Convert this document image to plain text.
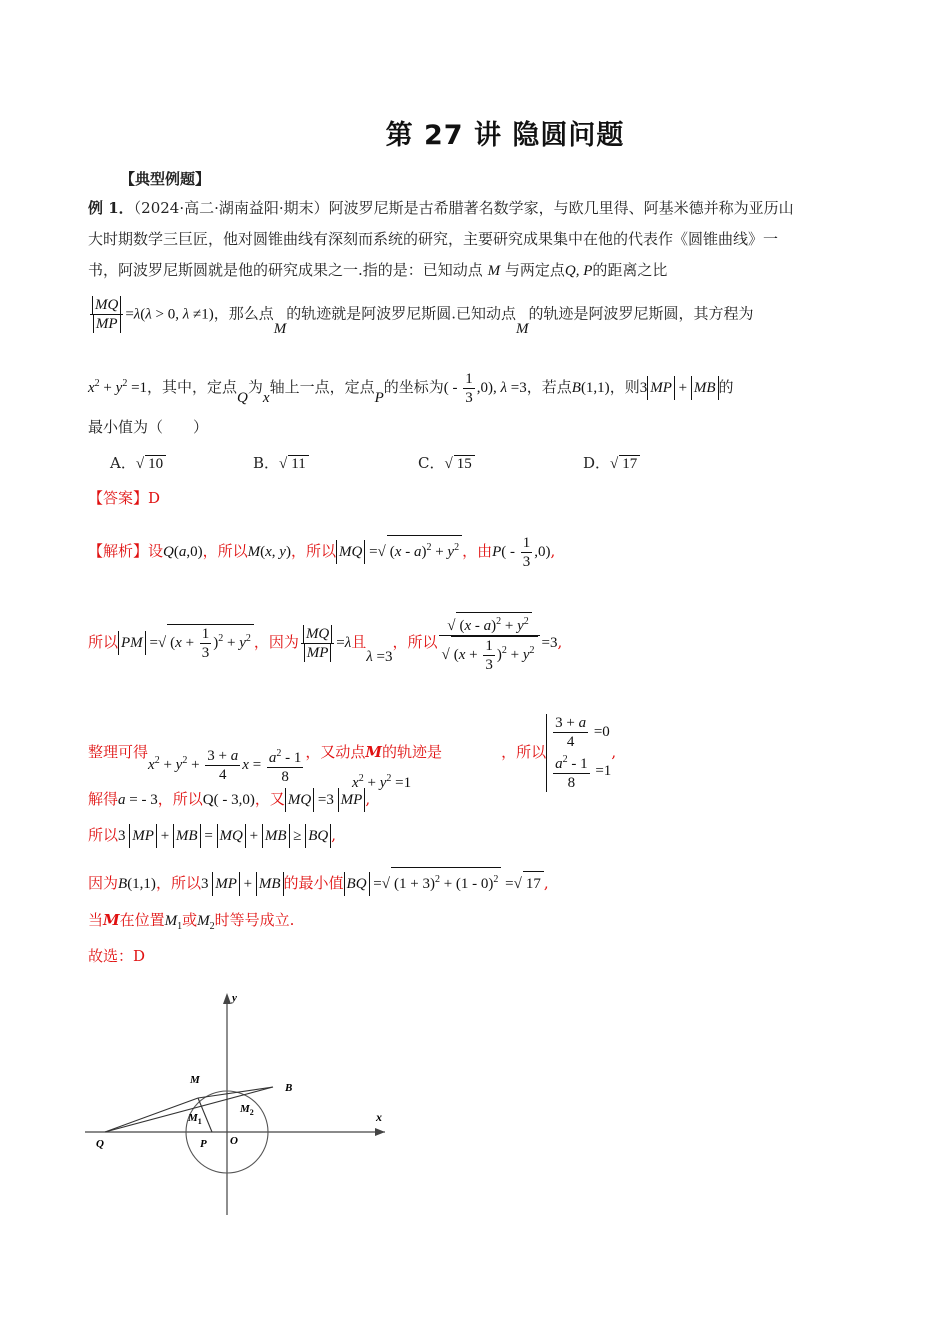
第 27 讲 隐圆问题
【典型例题】
例 1．（2024·高二·湖南益阳·期末）阿波罗尼斯是古希腊著名数学家，与欧几里得、阿基米德并称为亚历山
大时期数学三巨匠，他对圆锥曲线有深刻而系统的研究，主要研究成果集中在他的代表作《圆锥曲线》一
书，阿波罗尼斯圆就是他的研究成果之一.指的是：已知动点 M 与两定点Q, P的距离之比
$\frac{MQ}{MP} =\lambda(\lambda > 0$, λ ≠1)，那么点M的轨迹就是阿波罗尼斯圆.已知动点M的轨迹是阿波罗尼斯圆，其方程为
$x^2 + y^2 =1$，其中，定点Q为x轴上一点，定点P的坐标为( - $\frac{1}{3} ,0$), λ =3，若点B(1,1)，则3 MP + MB 的
最小值为（　　）
A．√ 10	B．√ 11	C．√ 15	D．√ 17
【答案】D
【解析】设Q(a,0)，所以M(x, y)，所以 MQ =√ $(x - a)^2 + y^2$ ，由$P( - \frac{1}{3} ,0)$,
所以 PM =√ $(x + \frac{1}{3} )^2 + y^2$ ，因为 $\frac{MQ}{MP} =\lambda$且λ =3，所以 $\frac{√ (x - a)^2 + y^2}{√ (x + \frac{1}{3} )^2 + y^2} =3$,
整理可得$x^2 + y^2 + \frac{3 + a}{4}$ $x = \frac{a^2 - 1}{8}$ ，又动点M的轨迹是$x^2 + y^2 =1$，所以
$\frac{3 + a}{4} =0$
$\frac{a^2 - 1}{8} =1$
,
解得a = - 3，所以Q( - 3,0)，又 MQ =3 MP ,
所以3 MP + MB = MQ + MB ≥ BQ ,
因为B(1,1)，所以3 MP + MB 的最小值 BQ =√ $(1 + 3)^2 + (1 - 0)^2$ =√ 17 ,
当M在位置$M_1$或$M_2$时等号成立.
故选：D
y
x
M
B
$M_1$
$M_2$
Q	P O
